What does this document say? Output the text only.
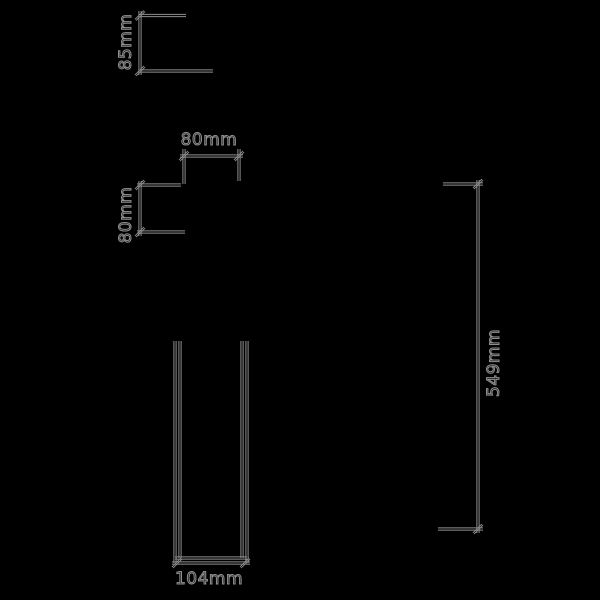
85mm
80mm
80mm
549mm
104mm
